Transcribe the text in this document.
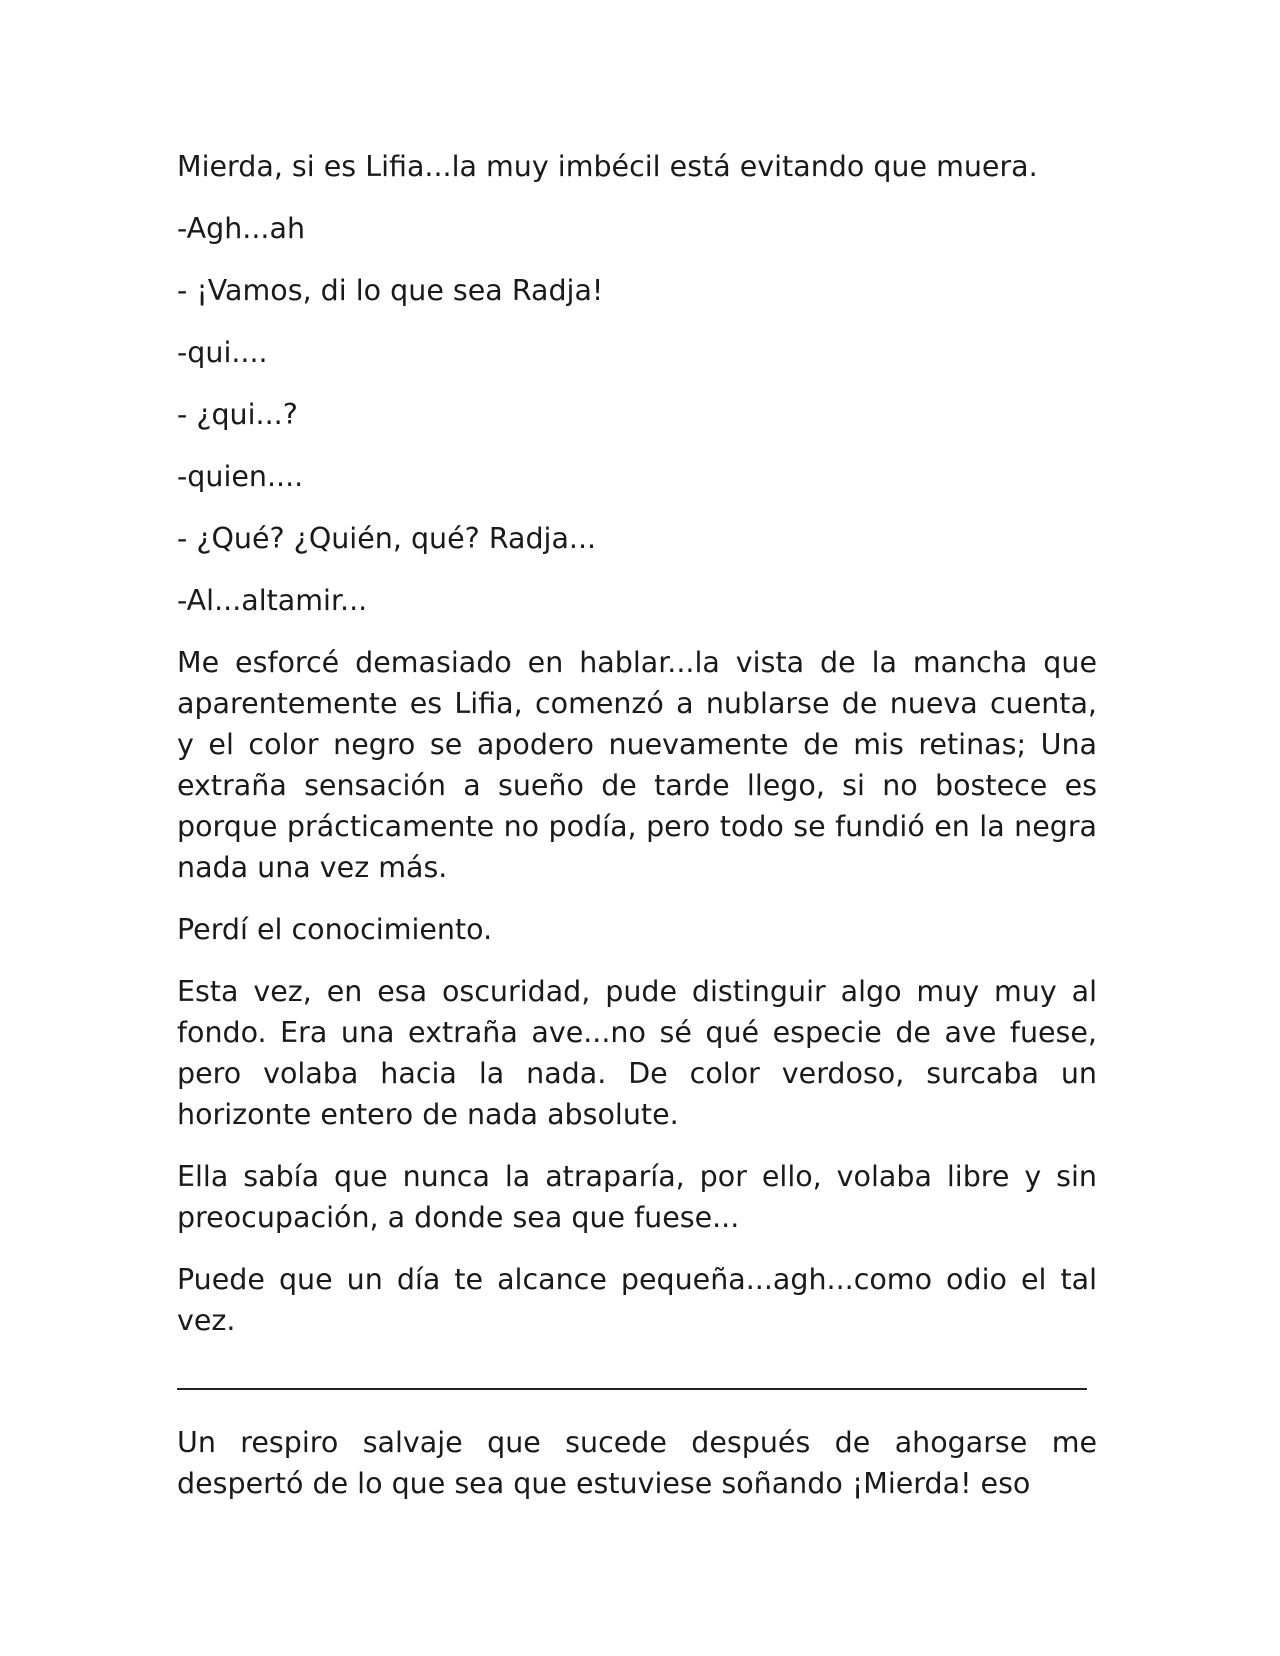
Mierda, si es Lifia...la muy imbécil está evitando que muera.

-Agh...ah

- ¡Vamos, di lo que sea Radja!

-qui....

- ¿qui...?

-quien....

- ¿Qué? ¿Quién, qué? Radja...

-Al...altamir...

Me esforcé demasiado en hablar...la vista de la mancha que aparentemente es Lifia, comenzó a nublarse de nueva cuenta, y el color negro se apodero nuevamente de mis retinas; Una extraña sensación a sueño de tarde llego, si no bostece es porque prácticamente no podía, pero todo se fundió en la negra nada una vez más.

Perdí el conocimiento.

Esta vez, en esa oscuridad, pude distinguir algo muy muy al fondo. Era una extraña ave...no sé qué especie de ave fuese, pero volaba hacia la nada. De color verdoso, surcaba un horizonte entero de nada absolute.

Ella sabía que nunca la atraparía, por ello, volaba libre y sin preocupación, a donde sea que fuese...

Puede que un día te alcance pequeña...agh...como odio el tal vez.

Un respiro salvaje que sucede después de ahogarse me despertó de lo que sea que estuviese soñando ¡Mierda! eso
